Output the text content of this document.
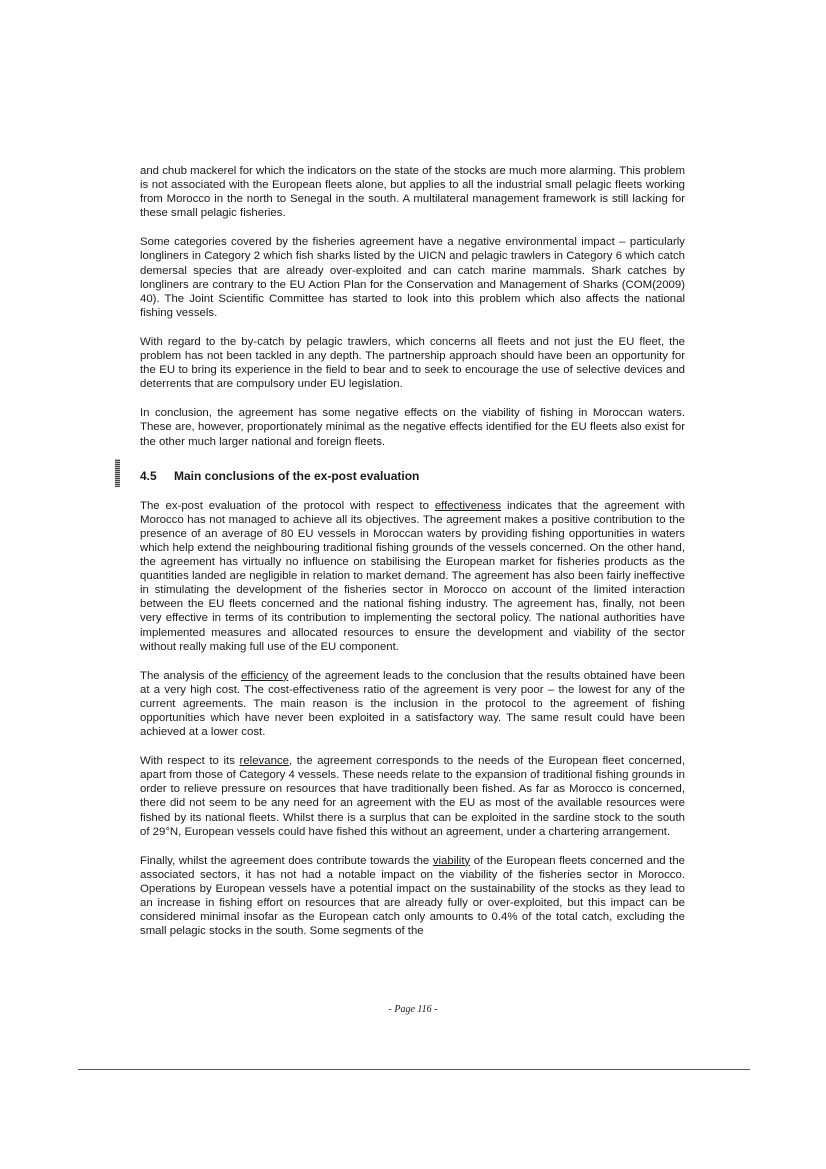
and chub mackerel for which the indicators on the state of the stocks are much more alarming. This problem is not associated with the European fleets alone, but applies to all the industrial small pelagic fleets working from Morocco in the north to Senegal in the south. A multilateral management framework is still lacking for these small pelagic fisheries.

Some categories covered by the fisheries agreement have a negative environmental impact – particularly longliners in Category 2 which fish sharks listed by the UICN and pelagic trawlers in Category 6 which catch demersal species that are already over-exploited and can catch marine mammals. Shark catches by longliners are contrary to the EU Action Plan for the Conservation and Management of Sharks (COM(2009) 40). The Joint Scientific Committee has started to look into this problem which also affects the national fishing vessels.

With regard to the by-catch by pelagic trawlers, which concerns all fleets and not just the EU fleet, the problem has not been tackled in any depth. The partnership approach should have been an opportunity for the EU to bring its experience in the field to bear and to seek to encourage the use of selective devices and deterrents that are compulsory under EU legislation.

In conclusion, the agreement has some negative effects on the viability of fishing in Moroccan waters. These are, however, proportionately minimal as the negative effects identified for the EU fleets also exist for the other much larger national and foreign fleets.

4.5	Main conclusions of the ex-post evaluation

The ex-post evaluation of the protocol with respect to effectiveness indicates that the agreement with Morocco has not managed to achieve all its objectives. The agreement makes a positive contribution to the presence of an average of 80 EU vessels in Moroccan waters by providing fishing opportunities in waters which help extend the neighbouring traditional fishing grounds of the vessels concerned. On the other hand, the agreement has virtually no influence on stabilising the European market for fisheries products as the quantities landed are negligible in relation to market demand. The agreement has also been fairly ineffective in stimulating the development of the fisheries sector in Morocco on account of the limited interaction between the EU fleets concerned and the national fishing industry. The agreement has, finally, not been very effective in terms of its contribution to implementing the sectoral policy. The national authorities have implemented measures and allocated resources to ensure the development and viability of the sector without really making full use of the EU component.

The analysis of the efficiency of the agreement leads to the conclusion that the results obtained have been at a very high cost. The cost-effectiveness ratio of the agreement is very poor – the lowest for any of the current agreements. The main reason is the inclusion in the protocol to the agreement of fishing opportunities which have never been exploited in a satisfactory way. The same result could have been achieved at a lower cost.

With respect to its relevance, the agreement corresponds to the needs of the European fleet concerned, apart from those of Category 4 vessels. These needs relate to the expansion of traditional fishing grounds in order to relieve pressure on resources that have traditionally been fished. As far as Morocco is concerned, there did not seem to be any need for an agreement with the EU as most of the available resources were fished by its national fleets. Whilst there is a surplus that can be exploited in the sardine stock to the south of 29°N, European vessels could have fished this without an agreement, under a chartering arrangement.

Finally, whilst the agreement does contribute towards the viability of the European fleets concerned and the associated sectors, it has not had a notable impact on the viability of the fisheries sector in Morocco. Operations by European vessels have a potential impact on the sustainability of the stocks as they lead to an increase in fishing effort on resources that are already fully or over-exploited, but this impact can be considered minimal insofar as the European catch only amounts to 0.4% of the total catch, excluding the small pelagic stocks in the south. Some segments of the

- Page 116 -
